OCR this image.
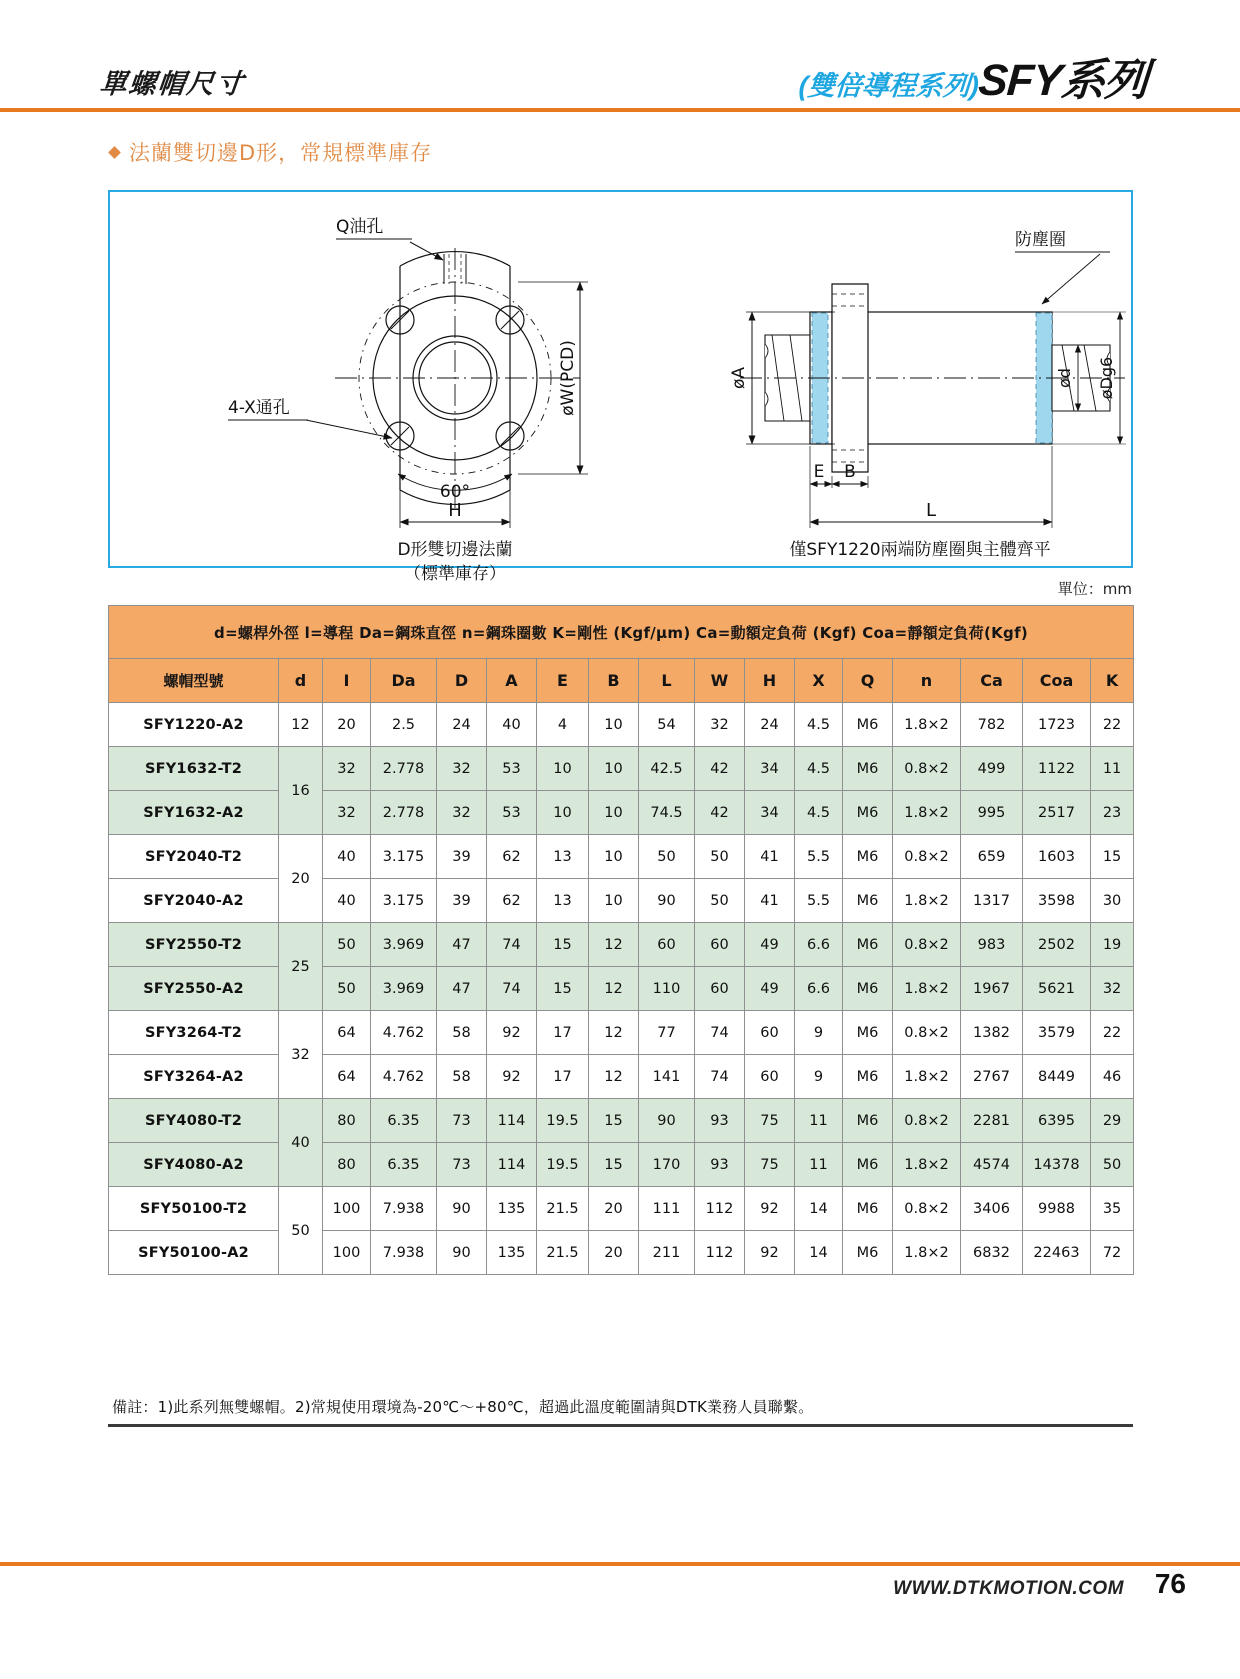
單螺帽尺寸	(雙倍導程系列)
SFY系列
法蘭雙切邊D形，常規標準庫存
Q油孔
4-X通孔	øW(PCD)
60°
H
D形雙切邊法蘭
（標準庫存）
øA	ød øDg6
防塵圈
E B
L
僅SFY1220兩端防塵圈與主體齊平
單位：mm
d=螺桿外徑 l=導程 Da=鋼珠直徑 n=鋼珠圈數 K=剛性 (Kgf/μm) Ca=動額定負荷 (Kgf) Coa=靜額定負荷(Kgf)																
螺帽型號	d	I	Da	D	A	E	B	L	W	H	X	Q	n	Ca	Coa	K
SFY1220-A2	12	20	2.5	24	40	4	10	54	32	24	4.5	M6	1.8×2	782	1723	22
SFY1632-T2	16	32	2.778	32	53	10	10	42.5	42	34	4.5	M6	0.8×2	499	1122	11
SFY1632-A2		32	2.778	32	53	10	10	74.5	42	34	4.5	M6	1.8×2	995	2517	23
SFY2040-T2	20	40	3.175	39	62	13	10	50	50	41	5.5	M6	0.8×2	659	1603	15
SFY2040-A2		40	3.175	39	62	13	10	90	50	41	5.5	M6	1.8×2	1317	3598	30
SFY2550-T2	25	50	3.969	47	74	15	12	60	60	49	6.6	M6	0.8×2	983	2502	19
SFY2550-A2		50	3.969	47	74	15	12	110	60	49	6.6	M6	1.8×2	1967	5621	32
SFY3264-T2	32	64	4.762	58	92	17	12	77	74	60	9	M6	0.8×2	1382	3579	22
SFY3264-A2		64	4.762	58	92	17	12	141	74	60	9	M6	1.8×2	2767	8449	46
SFY4080-T2	40	80	6.35	73	114	19.5	15	90	93	75	11	M6	0.8×2	2281	6395	29
SFY4080-A2		80	6.35	73	114	19.5	15	170	93	75	11	M6	1.8×2	4574	14378	50
SFY50100-T2	50	100	7.938	90	135	21.5	20	111	112	92	14	M6	0.8×2	3406	9988	35
SFY50100-A2		100	7.938	90	135	21.5	20	211	112	92	14	M6	1.8×2	6832	22463	72
備註：1)此系列無雙螺帽。2)常規使用環境為-20℃～+80℃，超過此溫度範圍請與DTK業務人員聯繫。
WWW.DTKMOTION.COM 76
